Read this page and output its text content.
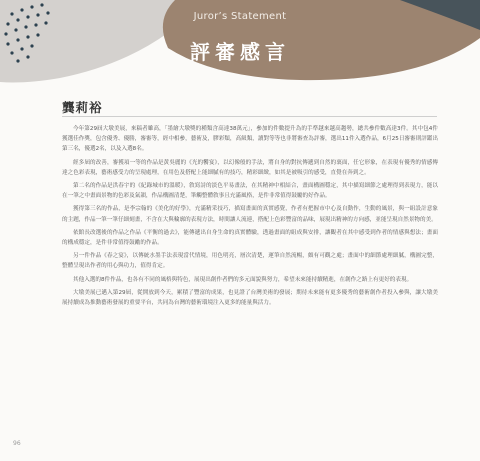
Juror’s Statement
評審感言
龔莉裕

今年第29屆大墩美展，來稿者雖高，「墨繪大墩獎的種類含高達38萬元」，參加的件數提升為的手準越來越高趨勢，總共參件數高達3件。其中包4件獲選佳作獎，包含優秀、優勝，審審等，經中相參，藝術及，膠彩類，高級類，讀對等等也非將審查為評審，選出11件入選作品，6月25日審審則評鑑出第三名，優選2名，以及入選8名。

經多屆的改善，審獲項一等的作品是黃吳麗的《光的饗宴》，以幻像般的手法，將自身的對抗傳遞到自然的裏面，任它形象，在表現有優秀的情感傳達之色彩表現，藝術感受力的呈現處理，在用色及搭配上能細膩有的技巧，精彩細緻，如其是被吸引的感受，直覺在奔到之。

第二名的作品是洪春宇的《紀錄城市的溫暖》，敘寫詩的淡色平易畫法，在其精神中相結合，畫面構圖穩定，其中描寫細節之處理得到表現力，能以在一筆之中畫面景物的色彩及氣韻，作品構圖清楚，筆觸整體敘事且充滿風格，是件非常值得鼓勵的好作品。

獲得第三名的作品，是李宗翰的《美化的好學》，充滿精采技巧，描寫畫面的真實感覺，作者有把握市中心及自動作，生動的風景，與一組設計意象的主題，作品一筆一筆仔細刻畫，不含在大與輪廓的表現方法，時間讓人流連，搭配上色彩豐富的品味，展現出精神的方向感，並能呈現自然景物的美。

依館長改選後的作品之作品《平衡的過去》，能傳遞出自身生命的真實體驗，透過畫面的組成與安排，讓觀者在其中感受到作者的情感與想法；畫面的構成穩定，是件非常值得鼓勵的作品。

另一件作品《春之宴》，以傳統水墨手法表現當代情境，用色明亮，層次清楚，運筆自然流暢，頗有可觀之處；畫面中的細節處理細膩，構圖完整，整體呈現出作者的用心與功力，值得肯定。

其他入選的8件作品，也各有不同的風格與特色，展現出創作者們的多元面貌與努力，希望未來能持續精進，在創作之路上有更好的表現。

大墩美展已邁入第29屆，從開放到今天，累積了豐富的成果，也見證了台灣美術的發展；期待未來能有更多優秀的藝術創作者投入參與，讓大墩美展持續成為推動藝術發展的重要平台，共同為台灣的藝術環境注入更多的能量與活力。

96
